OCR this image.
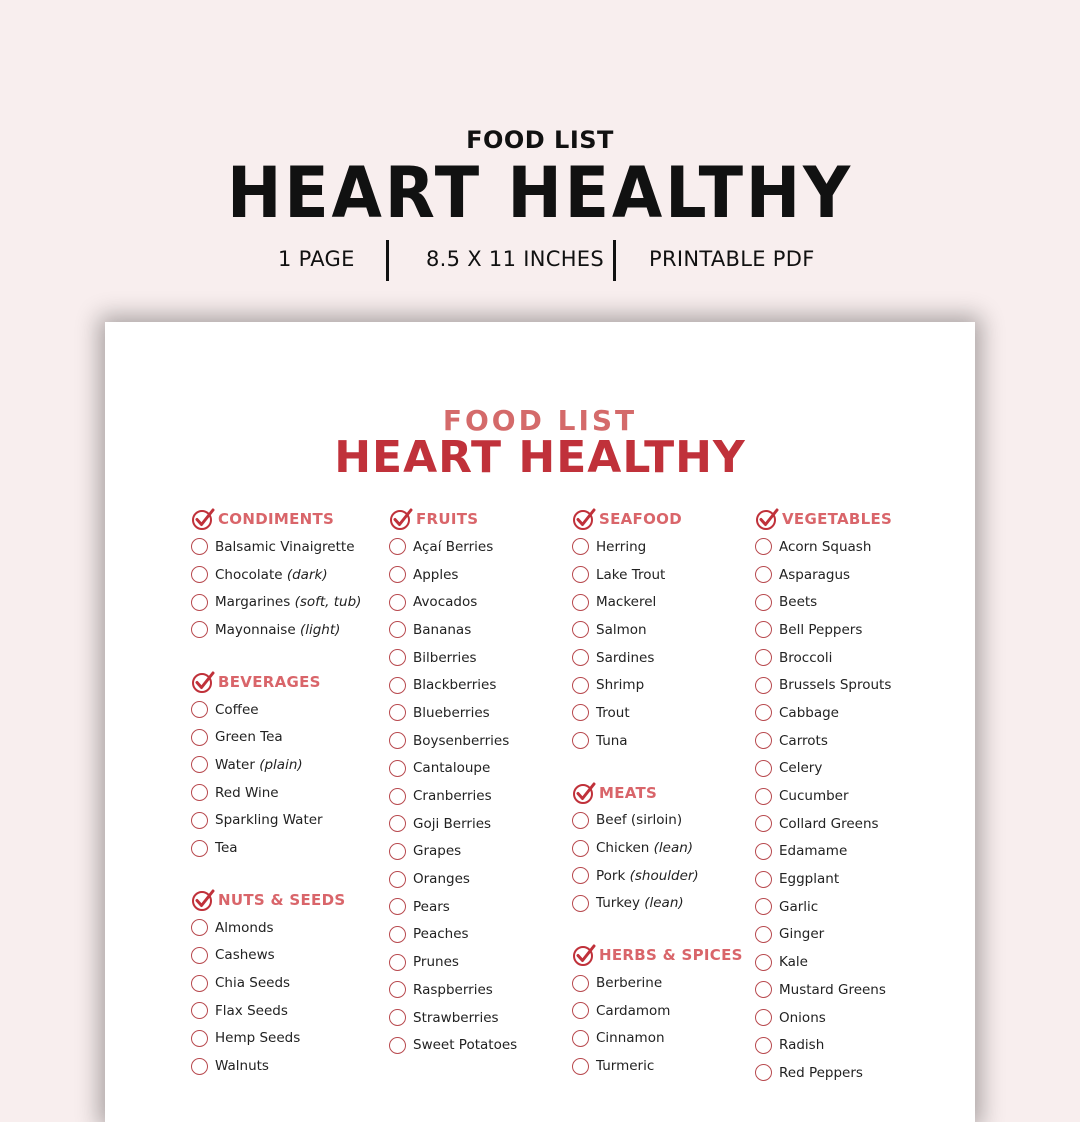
FOOD LIST
HEART HEALTHY
1 PAGE	8.5 X 11 INCHES PRINTABLE PDF
FOOD LIST
HEART HEALTHY
CONDIMENTS
Balsamic Vinaigrette
Chocolate (dark)
Margarines (soft, tub)
Mayonnaise (light)
BEVERAGES
Coffee
Green Tea
Water (plain)
Red Wine
Sparkling Water
Tea
NUTS & SEEDS
Almonds
Cashews
Chia Seeds
Flax Seeds
Hemp Seeds
Walnuts
FRUITS
Açaí Berries
Apples
Avocados
Bananas
Bilberries
Blackberries
Blueberries
Boysenberries
Cantaloupe
Cranberries
Goji Berries
Grapes
Oranges
Pears
Peaches
Prunes
Raspberries
Strawberries
Sweet Potatoes
SEAFOOD
Herring
Lake Trout
Mackerel
Salmon
Sardines
Shrimp
Trout
Tuna
MEATS
Beef (sirloin)
Chicken (lean)
Pork (shoulder)
Turkey (lean)
HERBS & SPICES
Berberine
Cardamom
Cinnamon
Turmeric
VEGETABLES
Acorn Squash
Asparagus
Beets
Bell Peppers
Broccoli
Brussels Sprouts
Cabbage
Carrots
Celery
Cucumber
Collard Greens
Edamame
Eggplant
Garlic
Ginger
Kale
Mustard Greens
Onions
Radish
Red Peppers
